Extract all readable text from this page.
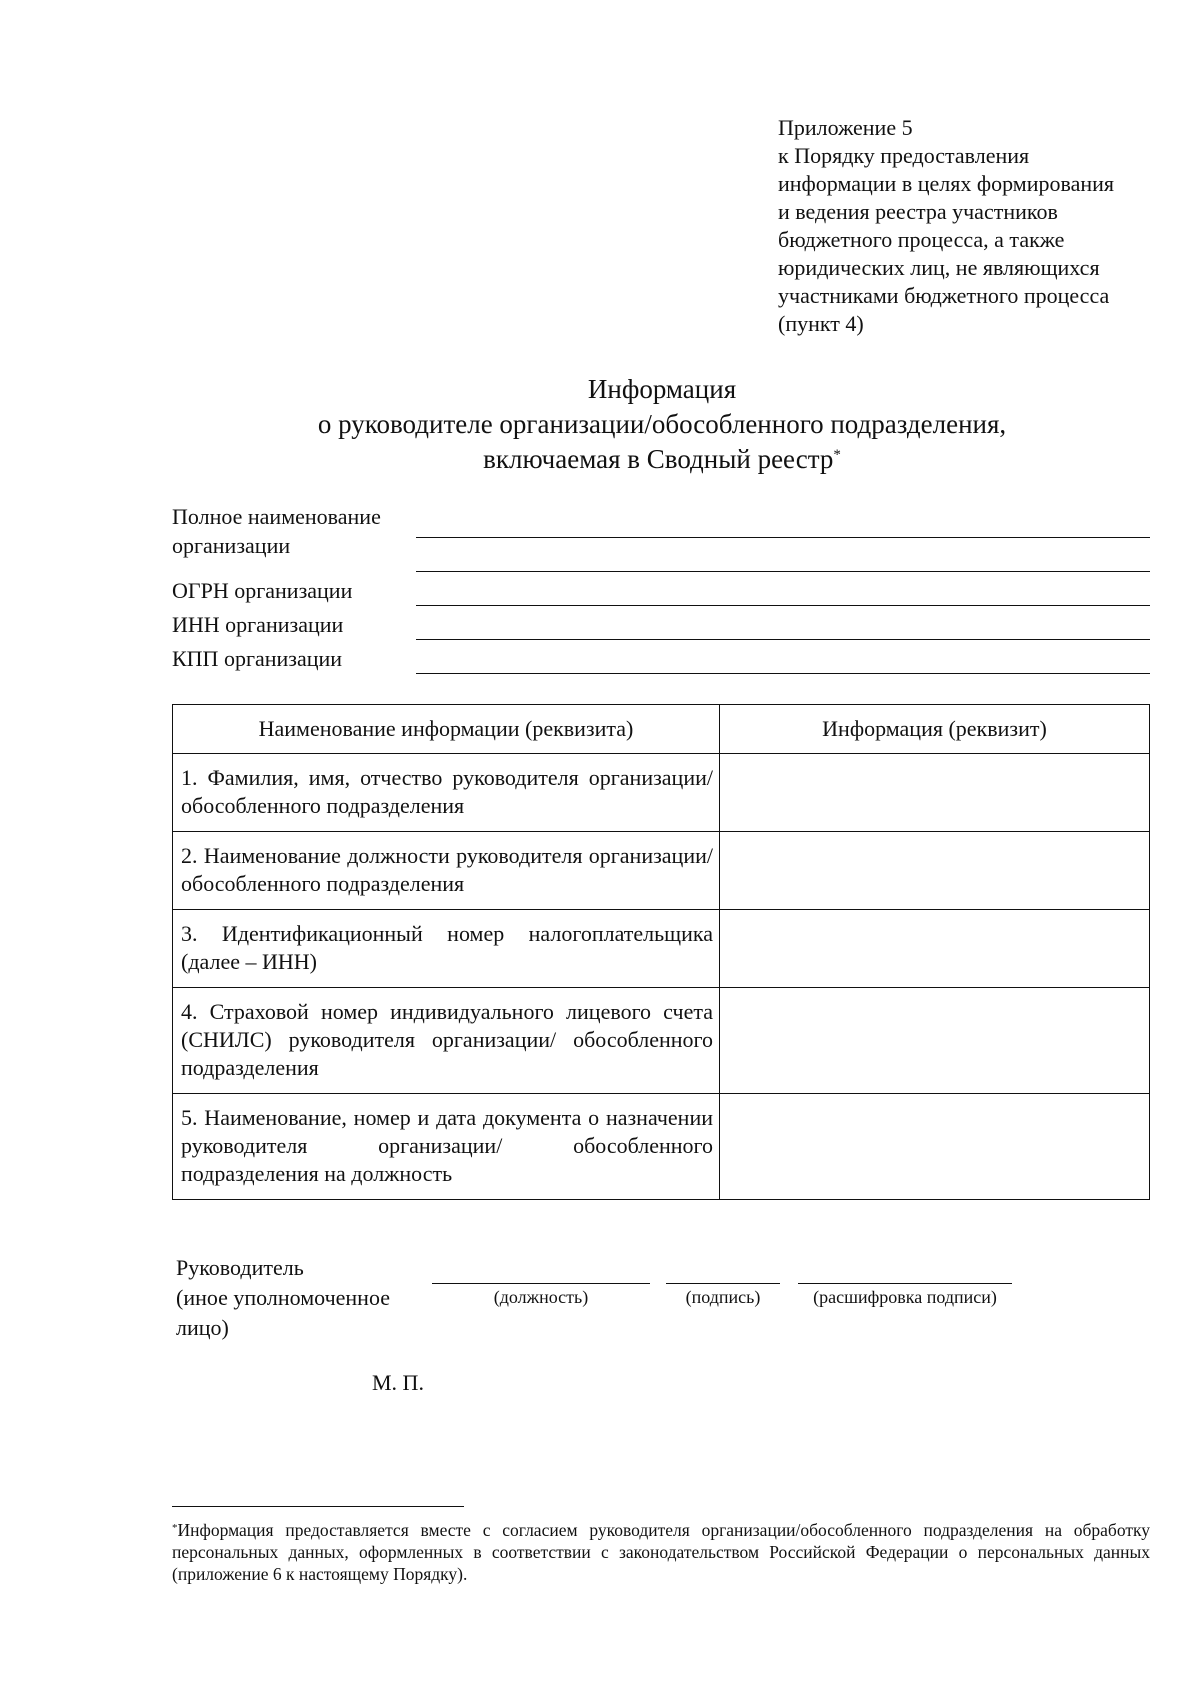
Приложение 5
к Порядку предоставления
информации в целях формирования
и ведения реестра участников
бюджетного процесса, а также
юридических лиц, не являющихся
участниками бюджетного процесса
(пункт 4)
Информация
о руководителе организации/обособленного подразделения,
включаемая в Сводный реестр*
Полное наименование
организации
ОГРН организации
ИНН организации
КПП организации
Наименование информации (реквизита)	Информация (реквизит)
1. Фамилия, имя, отчество руководителя организации/обособленного подразделения	
2. Наименование должности руководителя организации/обособленного подразделения	
3. Идентификационный номер налогоплательщика (далее – ИНН)	
4. Страховой номер индивидуального лицевого счета (СНИЛС) руководителя организации/ обособленного подразделения	
5. Наименование, номер и дата документа о назначении руководителя организации/ обособленного подразделения на должность	
Руководитель
(иное уполномоченное
лицо)
(должность)	(подпись)	(расшифровка подписи)
М. П.
*Информация предоставляется вместе с согласием руководителя организации/обособленного подразделения на обработку персональных данных, оформленных в соответствии с законодательством Российской Федерации о персональных данных (приложение 6 к настоящему Порядку).
